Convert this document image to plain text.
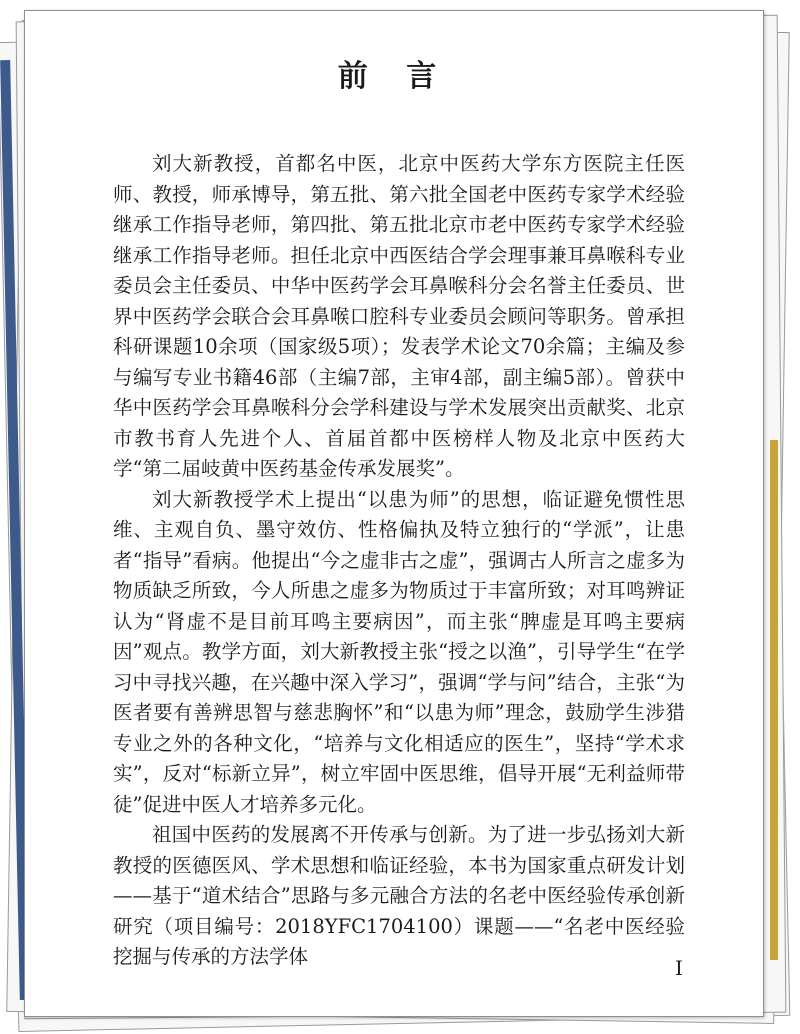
前 言

刘大新教授，首都名中医，北京中医药大学东方医院主任医师、教授，师承博导，第五批、第六批全国老中医药专家学术经验继承工作指导老师，第四批、第五批北京市老中医药专家学术经验继承工作指导老师。担任北京中西医结合学会理事兼耳鼻喉科专业委员会主任委员、中华中医药学会耳鼻喉科分会名誉主任委员、世界中医药学会联合会耳鼻喉口腔科专业委员会顾问等职务。曾承担科研课题10余项（国家级5项）；发表学术论文70余篇；主编及参与编写专业书籍46部（主编7部，主审4部，副主编5部）。曾获中华中医药学会耳鼻喉科分会学科建设与学术发展突出贡献奖、北京市教书育人先进个人、首届首都中医榜样人物及北京中医药大学“第二届岐黄中医药基金传承发展奖”。

刘大新教授学术上提出“以患为师”的思想，临证避免惯性思维、主观自负、墨守效仿、性格偏执及特立独行的“学派”，让患者“指导”看病。他提出“今之虚非古之虚”，强调古人所言之虚多为物质缺乏所致，今人所患之虚多为物质过于丰富所致；对耳鸣辨证认为“肾虚不是目前耳鸣主要病因”，而主张“脾虚是耳鸣主要病因”观点。教学方面，刘大新教授主张“授之以渔”，引导学生“在学习中寻找兴趣，在兴趣中深入学习”，强调“学与问”结合，主张“为医者要有善辨思智与慈悲胸怀”和“以患为师”理念，鼓励学生涉猎专业之外的各种文化，“培养与文化相适应的医生”，坚持“学术求实”，反对“标新立异”，树立牢固中医思维，倡导开展“无利益师带徒”促进中医人才培养多元化。

祖国中医药的发展离不开传承与创新。为了进一步弘扬刘大新教授的医德医风、学术思想和临证经验，本书为国家重点研发计划——基于“道术结合”思路与多元融合方法的名老中医经验传承创新研究（项目编号：2018YFC1704100）课题——“名老中医经验挖掘与传承的方法学体	I
